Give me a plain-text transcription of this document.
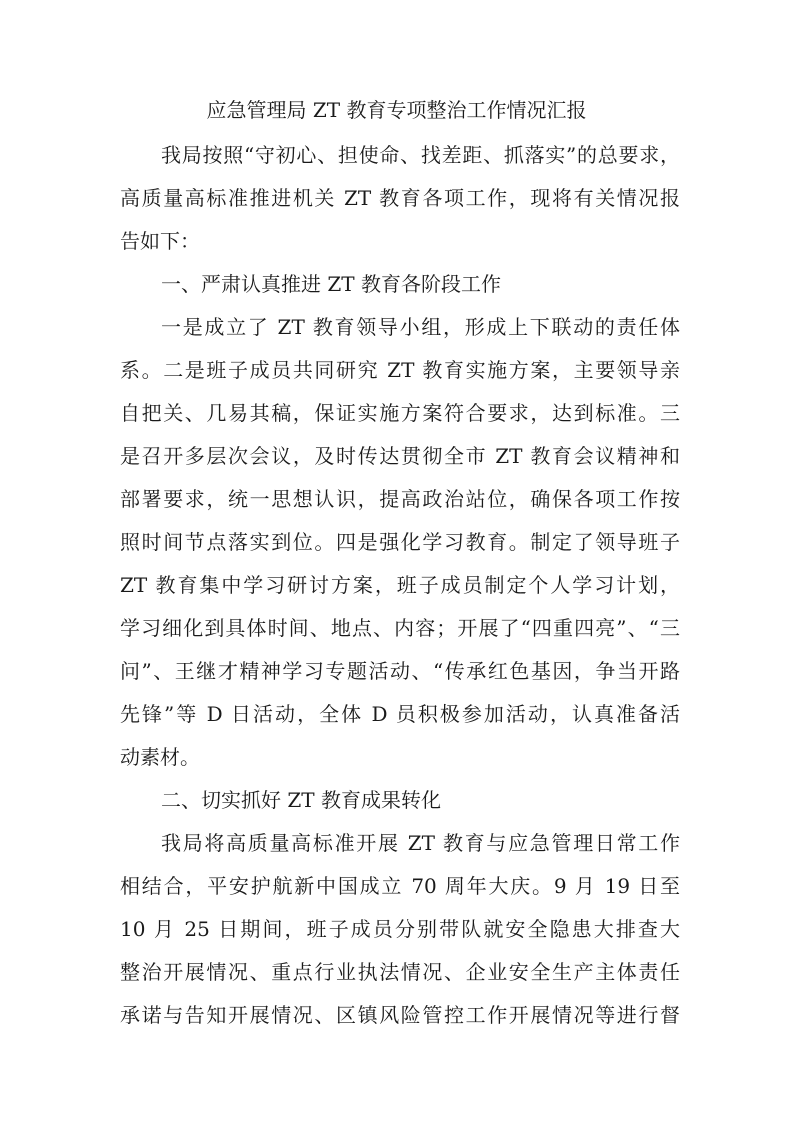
应急管理局 ZT 教育专项整治工作情况汇报
我局按照“守初心、担使命、找差距、抓落实”的总要求，
高质量高标准推进机关 ZT 教育各项工作，现将有关情况报
告如下：
一、严肃认真推进 ZT 教育各阶段工作
一是成立了 ZT 教育领导小组，形成上下联动的责任体
系。二是班子成员共同研究 ZT 教育实施方案，主要领导亲
自把关、几易其稿，保证实施方案符合要求，达到标准。三
是召开多层次会议，及时传达贯彻全市 ZT 教育会议精神和
部署要求，统一思想认识，提高政治站位，确保各项工作按
照时间节点落实到位。四是强化学习教育。制定了领导班子
ZT 教育集中学习研讨方案，班子成员制定个人学习计划，
学习细化到具体时间、地点、内容；开展了“四重四亮”、“三
问”、王继才精神学习专题活动、“传承红色基因，争当开路
先锋”等 D 日活动，全体 D 员积极参加活动，认真准备活
动素材。
二、切实抓好 ZT 教育成果转化
我局将高质量高标准开展 ZT 教育与应急管理日常工作
相结合，平安护航新中国成立 70 周年大庆。9 月 19 日至
10 月 25 日期间，班子成员分别带队就安全隐患大排查大
整治开展情况、重点行业执法情况、企业安全生产主体责任
承诺与告知开展情况、区镇风险管控工作开展情况等进行督
